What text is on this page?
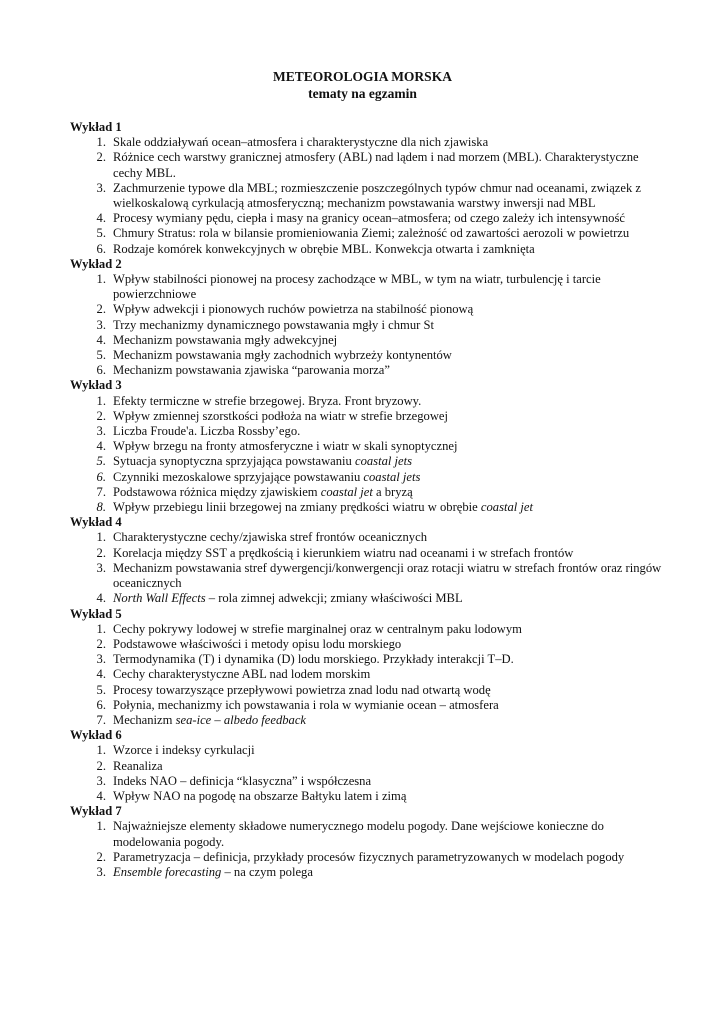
METEOROLOGIA MORSKA
tematy na egzamin
Wykład 1
1. Skale oddziaływań ocean–atmosfera i charakterystyczne dla nich zjawiska
2. Różnice cech warstwy granicznej atmosfery (ABL) nad lądem i nad morzem (MBL). Charakterystyczne cechy MBL.
3. Zachmurzenie typowe dla MBL; rozmieszczenie poszczególnych typów chmur nad oceanami, związek z wielkoskalową cyrkulacją atmosferyczną; mechanizm powstawania warstwy inwersji nad MBL
4. Procesy wymiany pędu, ciepła i masy na granicy ocean–atmosfera; od czego zależy ich intensywność
5. Chmury Stratus: rola w bilansie promieniowania Ziemi; zależność od zawartości aerozoli w powietrzu
6. Rodzaje komórek konwekcyjnych w obrębie MBL. Konwekcja otwarta i zamknięta
Wykład 2
1. Wpływ stabilności pionowej na procesy zachodzące w MBL, w tym na wiatr, turbulencję i tarcie powierzchniowe
2. Wpływ adwekcji i pionowych ruchów powietrza na stabilność pionową
3. Trzy mechanizmy dynamicznego powstawania mgły i chmur St
4. Mechanizm powstawania mgły adwekcyjnej
5. Mechanizm powstawania mgły zachodnich wybrzeży kontynentów
6. Mechanizm powstawania zjawiska “parowania morza”
Wykład 3
1. Efekty termiczne w strefie brzegowej. Bryza. Front bryzowy.
2. Wpływ zmiennej szorstkości podłoża na wiatr w strefie brzegowej
3. Liczba Froude'a. Liczba Rossby’ego.
4. Wpływ brzegu na fronty atmosferyczne i wiatr w skali synoptycznej
5. Sytuacja synoptyczna sprzyjająca powstawaniu coastal jets
6. Czynniki mezoskalowe sprzyjające powstawaniu coastal jets
7. Podstawowa różnica między zjawiskiem coastal jet a bryzą
8. Wpływ przebiegu linii brzegowej na zmiany prędkości wiatru w obrębie coastal jet
Wykład 4
1. Charakterystyczne cechy/zjawiska stref frontów oceanicznych
2. Korelacja między SST a prędkością i kierunkiem wiatru nad oceanami i w strefach frontów
3. Mechanizm powstawania stref dywergencji/konwergencji oraz rotacji wiatru w strefach frontów oraz ringów oceanicznych
4. North Wall Effects – rola zimnej adwekcji; zmiany właściwości MBL
Wykład 5
1. Cechy pokrywy lodowej w strefie marginalnej oraz w centralnym paku lodowym
2. Podstawowe właściwości i metody opisu lodu morskiego
3. Termodynamika (T) i dynamika (D) lodu morskiego. Przykłady interakcji T–D.
4. Cechy charakterystyczne ABL nad lodem morskim
5. Procesy towarzyszące przepływowi powietrza znad lodu nad otwartą wodę
6. Połynia, mechanizmy ich powstawania i rola w wymianie ocean – atmosfera
7. Mechanizm sea-ice – albedo feedback
Wykład 6
1. Wzorce i indeksy cyrkulacji
2. Reanaliza
3. Indeks NAO – definicja “klasyczna” i współczesna
4. Wpływ NAO na pogodę na obszarze Bałtyku latem i zimą
Wykład 7
1. Najważniejsze elementy składowe numerycznego modelu pogody. Dane wejściowe konieczne do modelowania pogody.
2. Parametryzacja – definicja, przykłady procesów fizycznych parametryzowanych w modelach pogody
3. Ensemble forecasting – na czym polega
